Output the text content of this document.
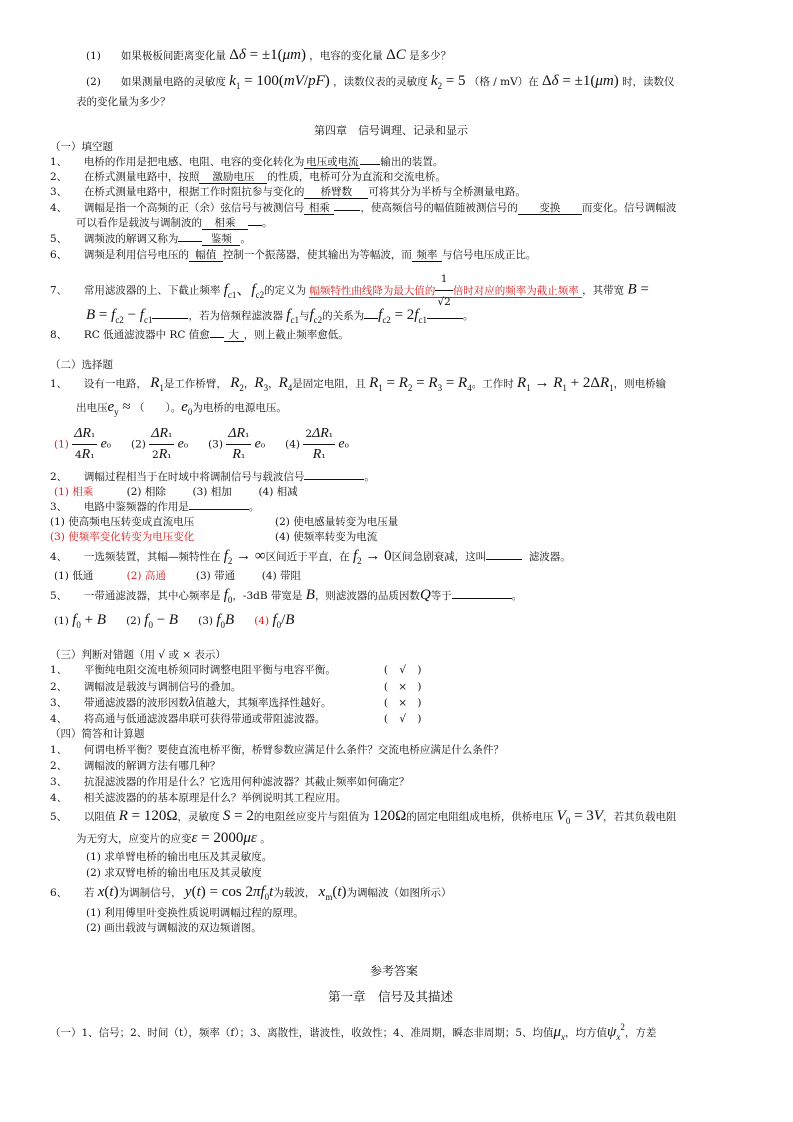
(1) 如果极板间距离变化量 Δδ = ±1(μm) ，电容的变化量 ΔC 是多少？
(2) 如果测量电路的灵敏度 $k_1 = 100(mV/pF)$ ，读数仪表的灵敏度 $k_2 = 5$ （格 / mV）在 Δδ = ±1(μm) 时，读数仪
表的变化量为多少？
第四章　信号调理、记录和显示
（一）填空题
1、 电桥的作用是把电感、电阻、电容的变化转化为 电压或电流 输出的装置。
2、 在桥式测量电路中，按照 激励电压 的性质，电桥可分为直流和交流电桥。
3、 在桥式测量电路中，根据工作时阻抗参与变化的 桥臂数 可将其分为半桥与全桥测量电路。
4、 调幅是指一个高频的正（余）弦信号与被测信号 相乘	，使高频信号的幅值随被测信号的 变换 而变化。信号调幅波
可以看作是载波与调制波的 相乘	。
5、 调频波的解调又称为	鉴频 。
6、 调频是利用信号电压的 幅值 控制一个振荡器，使其输出为等幅波，而 频率 与信号电压成正比。
7、 常用滤波器的上、下截止频率 $f_{c1}$、$f_{c2}$的定义为 幅频特性曲线降为最大值的 $\frac{1}{√2}$ 倍时对应的频率为截止频率 ，其带宽 B =
$B = f_{c2} - f_{c1}$	，若为倍频程滤波器 $f_{c1}$与$f_{c2}$的关系为 $f_{c2} = 2f_{c1}$	。
8、 RC 低通滤波器中 RC 值愈 大 ，则上截止频率愈低。
（二）选择题
1、 设有一电路， $R_1$是工作桥臂， $R_2$，$R_3$，$R_4$是固定电阻，且 $R_1 = R_2 = R_3 = R_4$。工作时 $R_1 \to R_1 + 2\Delta R_1$，则电桥输
出电压$e_y$ ≈ （　　）。$e_0$为电桥的电源电压。
$(1) \frac{\text{ΔR₁}}{\text{4R₁}} e_0$      $(2) \frac{\text{ΔR₁}}{\text{2R₁}} e_0$      $(3) \frac{\text{ΔR₁}}{\text{R₁}} e_0$      $(4) \frac{\text{2ΔR₁}}{\text{R₁}} e_0$
2、 调幅过程相当于在时域中将调制信号与载波信号	。
(1) 相乘	(2) 相除	(3) 相加	(4) 相减
3、 电路中鉴频器的作用是	。
(1) 使高频电压转变成直流电压	(2) 使电感量转变为电压量
(3) 使频率变化转变为电压变化	(4) 使频率转变为电流
4、 一选频装置，其幅—频特性在 $f_2$ → ∞区间近于平直，在 $f_2 \to 0$区间急剧衰减，这叫	滤波器。
(1) 低通	(2) 高通	(3) 带通	(4) 带阻
5、 一带通滤波器，其中心频率是 $f_0$，-3dB 带宽是 B，则滤波器的品质因数Q等于	。
(1) $f_0 + B$ (2) $f_0 - B$ (3) $f_0B$ (4) $f_0/B$
（三）判断对错题（用 √ 或 × 表示）
1、 平衡纯电阻交流电桥须同时调整电阻平衡与电容平衡。	( √ )
2、 调幅波是载波与调制信号的叠加。	( × )
3、 带通滤波器的波形因数λ值越大，其频率选择性越好。	( × )
4、 将高通与低通滤波器串联可获得带通或带阻滤波器。	( √ )
（四）简答和计算题
1、 何谓电桥平衡？要使直流电桥平衡，桥臂参数应满足什么条件？交流电桥应满足什么条件？
2、 调幅波的解调方法有哪几种？
3、 抗混滤波器的作用是什么？它选用何种滤波器？其截止频率如何确定？
4、 相关滤波器的的基本原理是什么？举例说明其工程应用。
5、 以阻值 R = 120Ω，灵敏度 S = 2的电阻丝应变片与阻值为 120Ω的固定电阻组成电桥，供桥电压 $V_0 = 3V$，若其负载电阻
为无穷大，应变片的应变ε = 2000με 。
(1) 求单臂电桥的输出电压及其灵敏度。
(2) 求双臂电桥的输出电压及其灵敏度
6、 若 x(t)为调制信号， $y(t) = \cos 2\pi f_0t$为载波， $x_m(t)$为调幅波（如图所示）
(1) 利用傅里叶变换性质说明调幅过程的原理。
(2) 画出载波与调幅波的双边频谱图。
参考答案
第一章　信号及其描述
（一）1、信号；2、时间（t），频率（f）；3、离散性，谐波性，收敛性；4、准周期，瞬态非周期；5、均值$\mu_x$，均方值$\psi_x^2$，方差
